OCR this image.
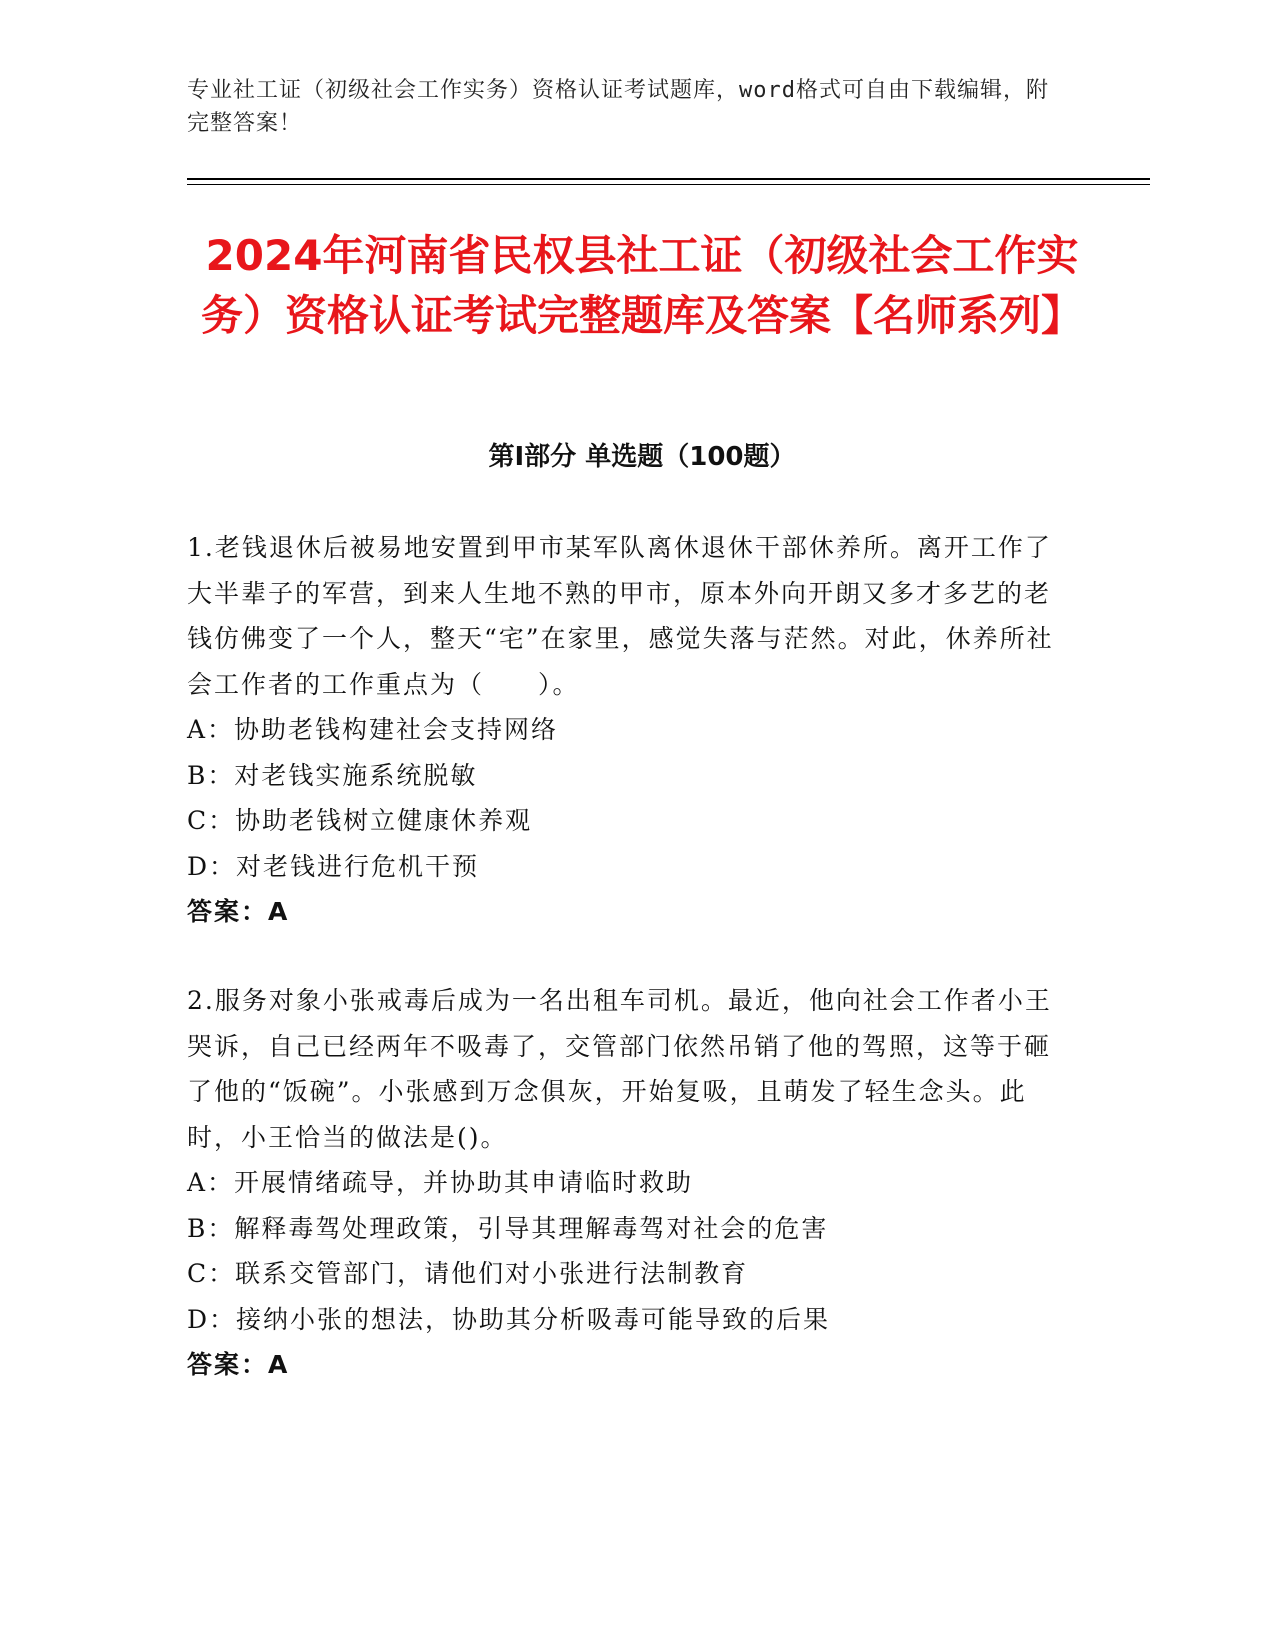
专业社工证（初级社会工作实务）资格认证考试题库，word格式可自由下载编辑，附完整答案！
2024年河南省民权县社工证（初级社会工作实务）资格认证考试完整题库及答案【名师系列】
第I部分 单选题（100题）

1.老钱退休后被易地安置到甲市某军队离休退休干部休养所。离开工作了大半辈子的军营，到来人生地不熟的甲市，原本外向开朗又多才多艺的老钱仿佛变了一个人，整天“宅”在家里，感觉失落与茫然。对此，休养所社会工作者的工作重点为（　　）。

A：协助老钱构建社会支持网络

B：对老钱实施系统脱敏

C：协助老钱树立健康休养观

D：对老钱进行危机干预

答案：A

2.服务对象小张戒毒后成为一名出租车司机。最近，他向社会工作者小王哭诉，自己已经两年不吸毒了，交管部门依然吊销了他的驾照，这等于砸了他的“饭碗”。小张感到万念俱灰，开始复吸，且萌发了轻生念头。此时，小王恰当的做法是()。

A：开展情绪疏导，并协助其申请临时救助

B：解释毒驾处理政策，引导其理解毒驾对社会的危害

C：联系交管部门，请他们对小张进行法制教育

D：接纳小张的想法，协助其分析吸毒可能导致的后果

答案：A
